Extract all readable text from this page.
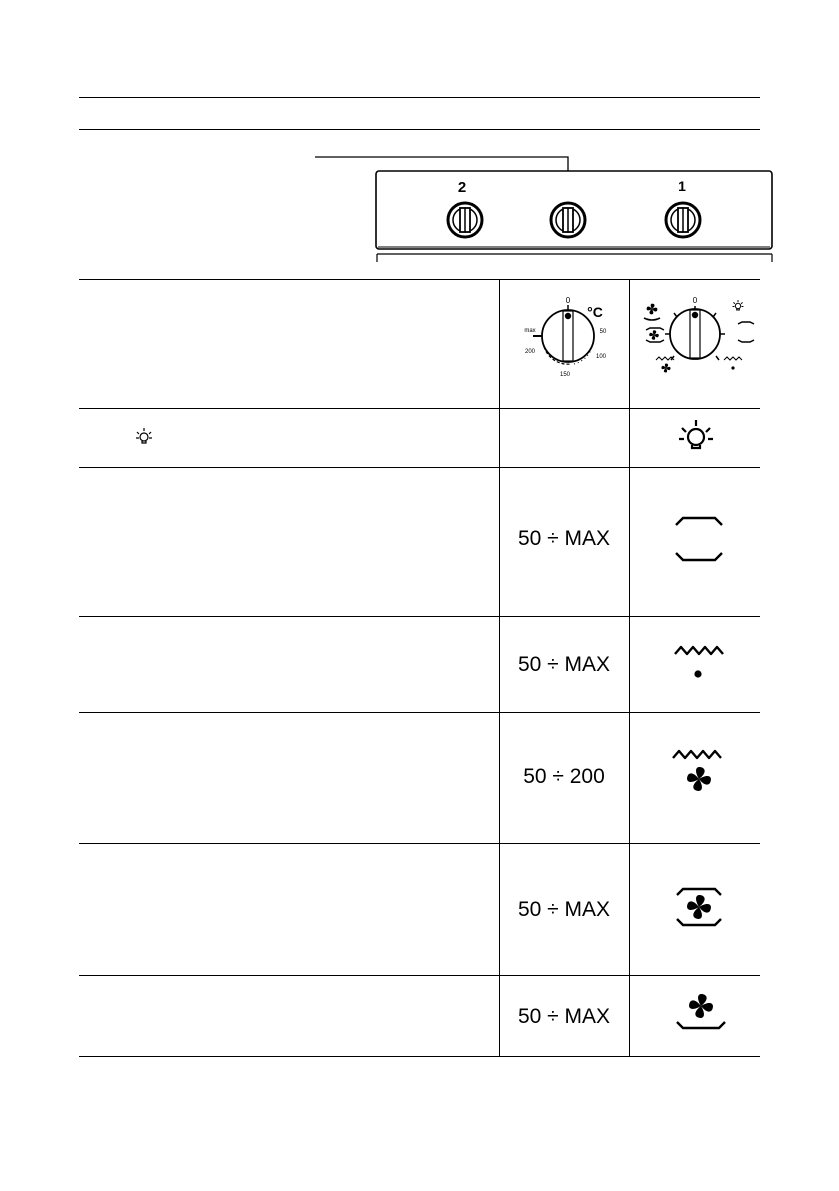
2	1
0
°C
max
200
150
100
50
0
50 ÷ MAX
50 ÷ MAX
50 ÷ 200
50 ÷ MAX
50 ÷ MAX
